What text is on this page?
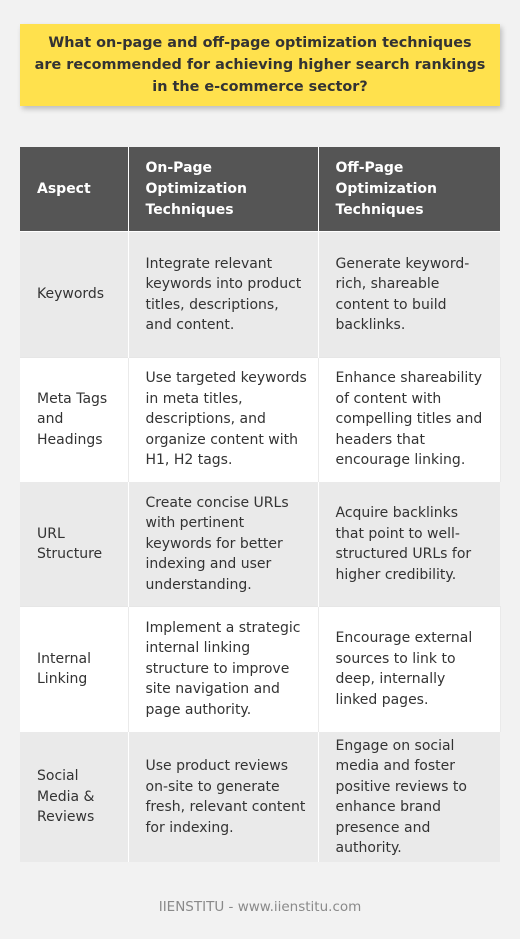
What on-page and off-page optimization techniques are recommended for achieving higher search rankings in the e-commerce sector?
Aspect	On-Page Optimization Techniques	Off-Page Optimization Techniques
Keywords	Integrate relevant keywords into product titles, descriptions, and content.	Generate keyword-rich, shareable content to build backlinks.
Meta Tags and Headings	Use targeted keywords in meta titles, descriptions, and organize content with H1, H2 tags.	Enhance shareability of content with compelling titles and headers that encourage linking.
URL Structure	Create concise URLs with pertinent keywords for better indexing and user understanding.	Acquire backlinks that point to well-structured URLs for higher credibility.
Internal Linking	Implement a strategic internal linking structure to improve site navigation and page authority.	Encourage external sources to link to deep, internally linked pages.
Social Media & Reviews	Use product reviews on-site to generate fresh, relevant content for indexing.	Engage on social media and foster positive reviews to enhance brand presence and authority.
IIENSTITU - www.iienstitu.com
